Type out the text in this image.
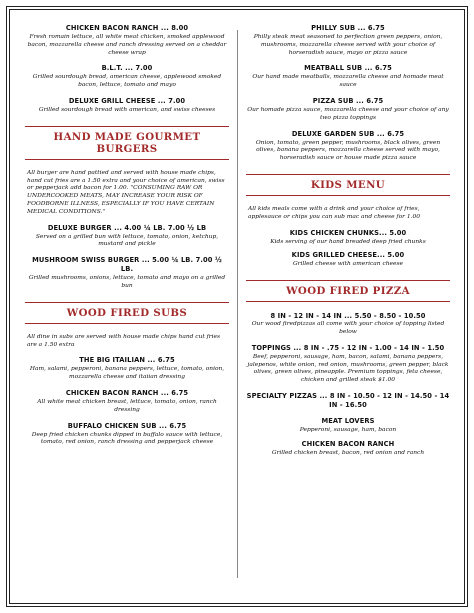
CHICKEN BACON RANCH ... 8.00
Fresh romain lettuce, all white meat chicken, smoked applewood bacon, mozzarella cheese and ranch dressing served on a cheddar cheese wrap
B.L.T. ... 7.00
Grilled sourdough bread, american cheese, applewood smoked bacon, lettuce, tomato and mayo
DELUXE GRILL CHEESE ... 7.00
Grilled sourdough bread with american, and swiss cheeses
HAND MADE GOURMET BURGERS
All burger are hand pattied and served with house made chips, hand cut fries are a 1.50 extra and your choice of american, swiss or pepperjack add bacon for 1.00. "CONSUMING RAW OR UNDERCOOKED MEATS, MAY INCREASE YOUR RISK OF FOODBORNE ILLNESS, ESPECIALLY IF YOU HAVE CERTAIN MEDICAL CONDITIONS."
DELUXE BURGER ... 4.00 ¼ LB. 7.00 ½ LB
Served on a grilled bun with lettuce, tomato, onion, ketchup, mustard and pickle
MUSHROOM SWISS BURGER ... 5.00 ¼ LB. 7.00 ½ LB.
Grilled mushrooms, onions, lettuce, tomato and mayo on a grilled bun
WOOD FIRED SUBS
All dine in subs are served with house made chips hand cut fries are a 1.50 extra
THE BIG ITAILIAN ... 6.75
Ham, salami, pepperoni, banana peppers, lettuce, tomato, onion, mozzarella cheese and itaiian dressing
CHICKEN BACON RANCH ... 6.75
All white meat chicken breast, lettuce, tomato, onion, ranch dressing
BUFFALO CHICKEN SUB ... 6.75
Deep fried chicken chunks dipped in buffalo sauce with lettuce, tomato, red onion, ranch dressing and pepperjack cheese
PHILLY SUB ... 6.75
Philly steak meat seasoned to perfection green peppers, onion, mushrooms, mozzarella cheese served with your choice of horseradish sauce, mayo or pizza sauce
MEATBALL SUB ... 6.75
Our hand made meatballs, mozzarella cheese and homade meat sauce
PIZZA SUB ... 6.75
Our homade pizza sauce, mozzarella cheese and your choice of any two pizza toppings
DELUXE GARDEN SUB ... 6.75
Onion, tomato, green pepper, mushrooms, black olives, green olives, banana peppers, mozzarella cheese served with mayo, horseradish sauce or house made pizza sauce
KIDS MENU
All kids meals come with a drink and your choice of fries, applesauce or chips you can sub mac and cheese for 1.00
KIDS CHICKEN CHUNKS... 5.00
Kids serving of our hand breaded deep fried chunks
KIDS GRILLED CHEESE... 5.00
Grilled cheese with american cheese
WOOD FIRED PIZZA
8 IN - 12 IN - 14 IN ... 5.50 - 8.50 - 10.50
Our wood firedpizzas all come with your choice of topping listed below
TOPPINGS ... 8 IN - .75 - 12 IN - 1.00 - 14 IN - 1.50
Beef, pepperoni, sausage, ham, bacon, salami, banana peppers, jalepenos, white onion, red onion, mushrooms, green pepper, black olives, green olives, pineapple. Premium toppings, feta cheese, chicken and grilled steak $1.00
SPECIALTY PIZZAS ... 8 IN - 10.50 - 12 IN - 14.50 - 14 IN - 16.50
MEAT LOVERS
Pepperoni, sausage, ham, bacon
CHICKEN BACON RANCH
Grilled chicken breast, bacon, red onion and ranch
